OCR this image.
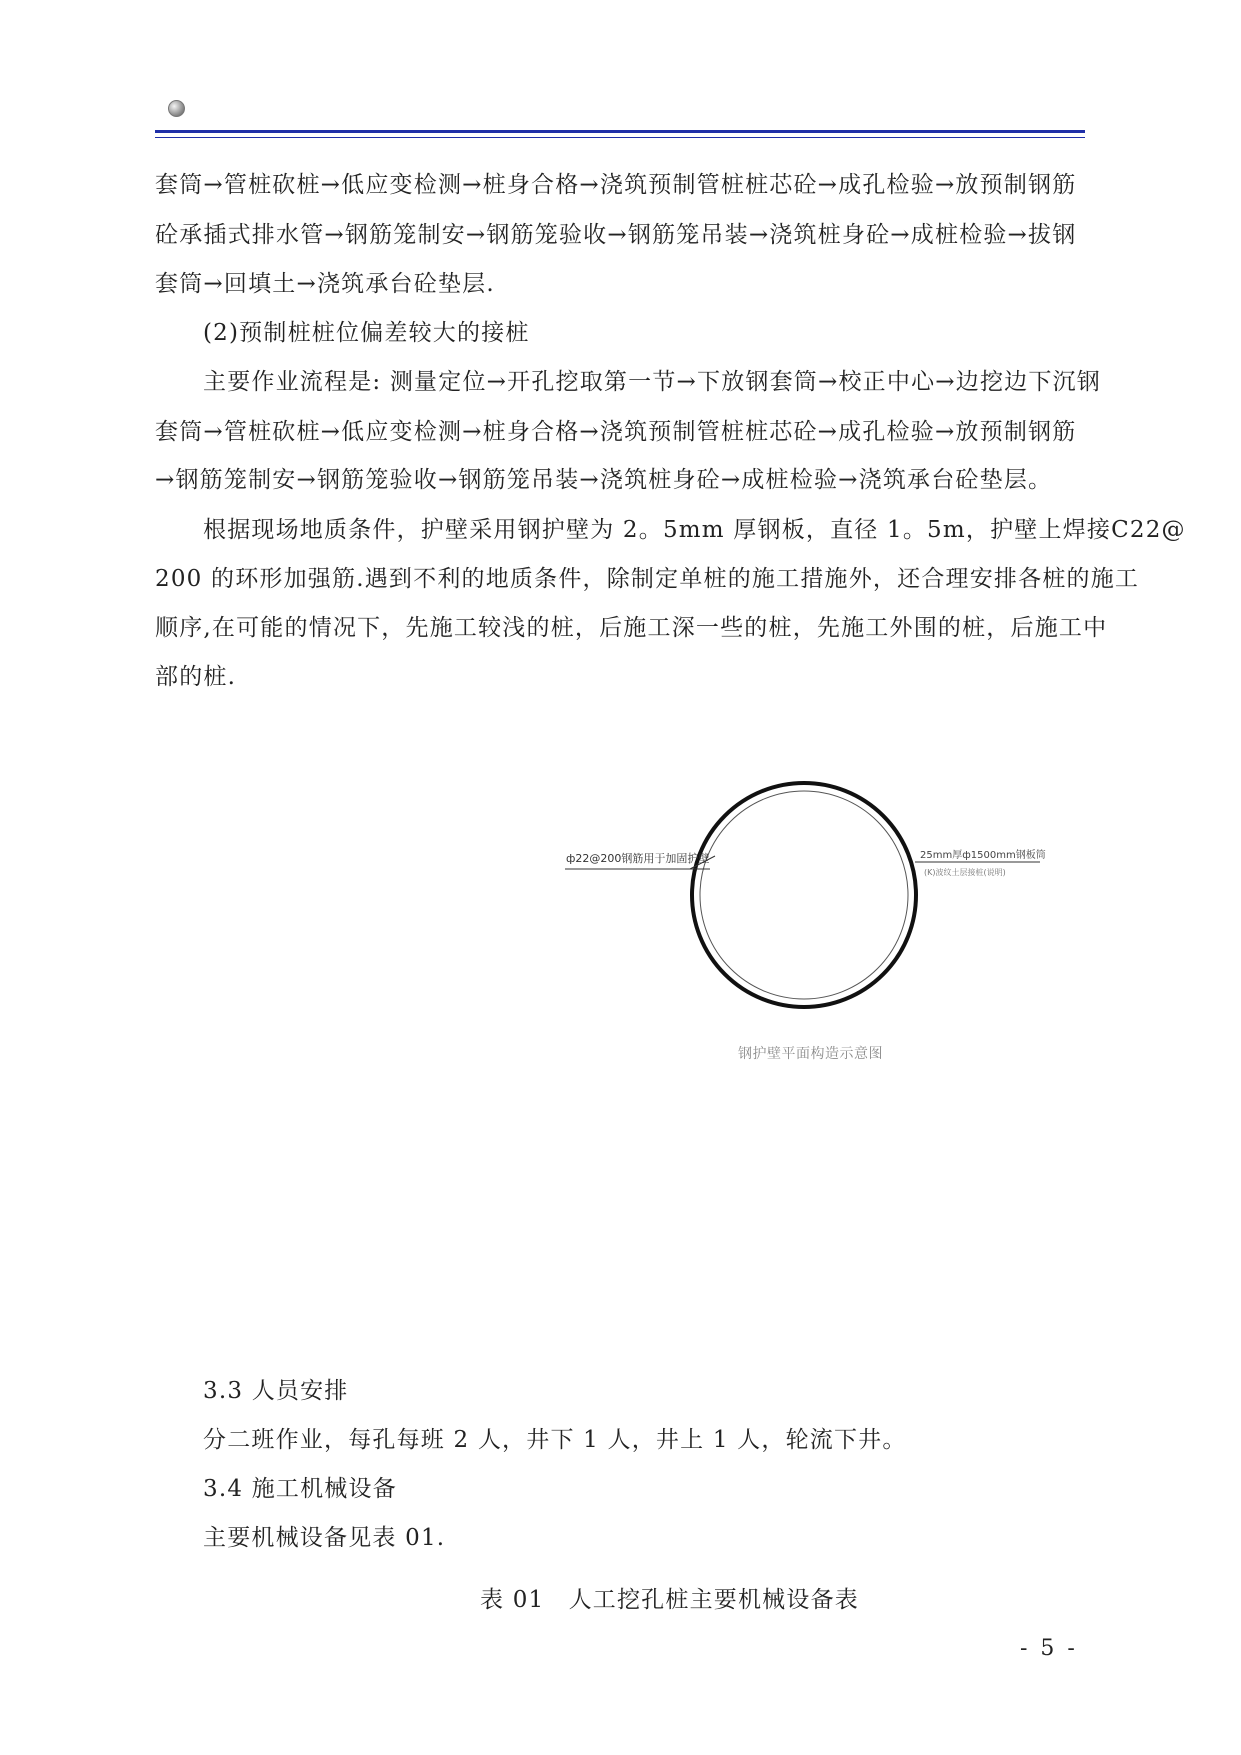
套筒→管桩砍桩→低应变检测→桩身合格→浇筑预制管桩桩芯砼→成孔检验→放预制钢筋
砼承插式排水管→钢筋笼制安→钢筋笼验收→钢筋笼吊装→浇筑桩身砼→成桩检验→拔钢
套筒→回填土→浇筑承台砼垫层.
(2)预制桩桩位偏差较大的接桩
主要作业流程是: 测量定位→开孔挖取第一节→下放钢套筒→校正中心→边挖边下沉钢
套筒→管桩砍桩→低应变检测→桩身合格→浇筑预制管桩桩芯砼→成孔检验→放预制钢筋
→钢筋笼制安→钢筋笼验收→钢筋笼吊装→浇筑桩身砼→成桩检验→浇筑承台砼垫层。
根据现场地质条件，护壁采用钢护壁为 2。5mm 厚钢板，直径 1。5m，护壁上焊接Ⅽ22@
200 的环形加强筋.遇到不利的地质条件，除制定单桩的施工措施外，还合理安排各桩的施工
顺序,在可能的情况下，先施工较浅的桩，后施工深一些的桩，先施工外围的桩，后施工中
部的桩.
ф22@200钢筋用于加固护壁	25mm厚ф1500mm钢板筒
(K)波纹土层接桩(说明)
钢护壁平面构造示意图
3.3 人员安排
分二班作业，每孔每班 2 人，井下 1 人，井上 1 人，轮流下井。
3.4 施工机械设备
主要机械设备见表 01.
表 01　人工挖孔桩主要机械设备表
- 5 -
